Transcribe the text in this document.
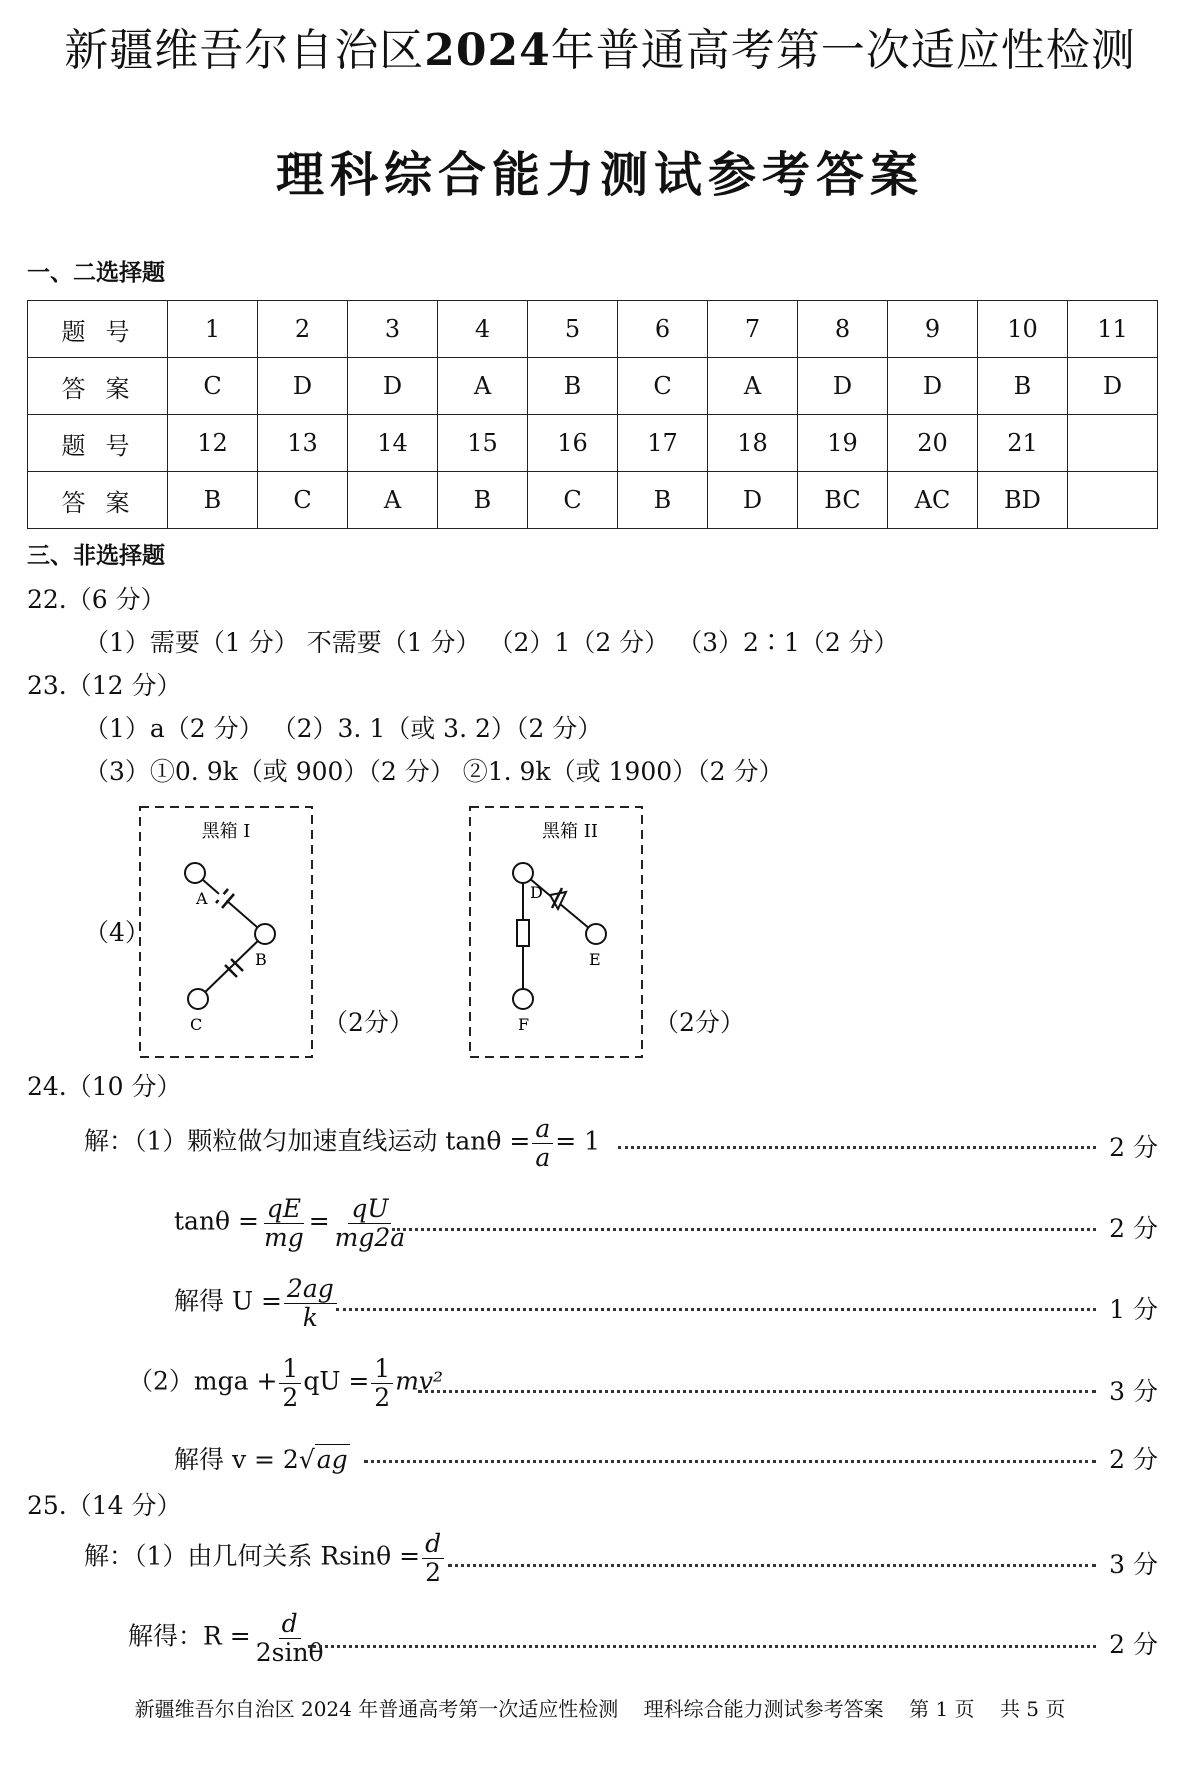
新疆维吾尔自治区2024年普通高考第一次适应性检测
理科综合能力测试参考答案
一、二选择题
题号	1	2	3	4	5	6	7	8	9	10	11
答案	C	D	D	A	B	C	A	D	D	B	D
题号	12	13	14	15	16	17	18	19	20	21	
答案	B	C	A	B	C	B	D	BC	AC	BD	
三、非选择题
22.（6 分）
（1）需要（1 分） 不需要（1 分） （2）1（2 分） （3）2∶1（2 分）
23.（12 分）
（1）a（2 分） （2）3. 1（或 3. 2）（2 分）
（3）①0. 9k（或 900）（2 分） ②1. 9k（或 1900）（2 分）
（4）
黑箱 I
A
B
C	（2分）
黑箱 II
D
E
F	（2分）
24.（10 分）
解：（1）颗粒做匀加速直线运动 $\tan\theta = \frac{a}{a} = 1$	2 分
$\tan\theta = \frac{qE}{mg} = \frac{qU}{mg2a}$	2 分
解得 $U = \frac{2ag}{k}$	1 分
$(2)mga + \frac{1}{2}$ qU = $\frac{1}{2} mv^2$	3 分
解得 v = 2√ag	2 分
25.（14 分）
解：（1）由几何关系 $Rsin\theta = \frac{d}{2}$	3 分
解得：$R = \frac{d}{2\sin\theta}$	2 分
新疆维吾尔自治区 2024 年普通高考第一次适应性检测    理科综合能力测试参考答案    第 1 页    共 5 页
